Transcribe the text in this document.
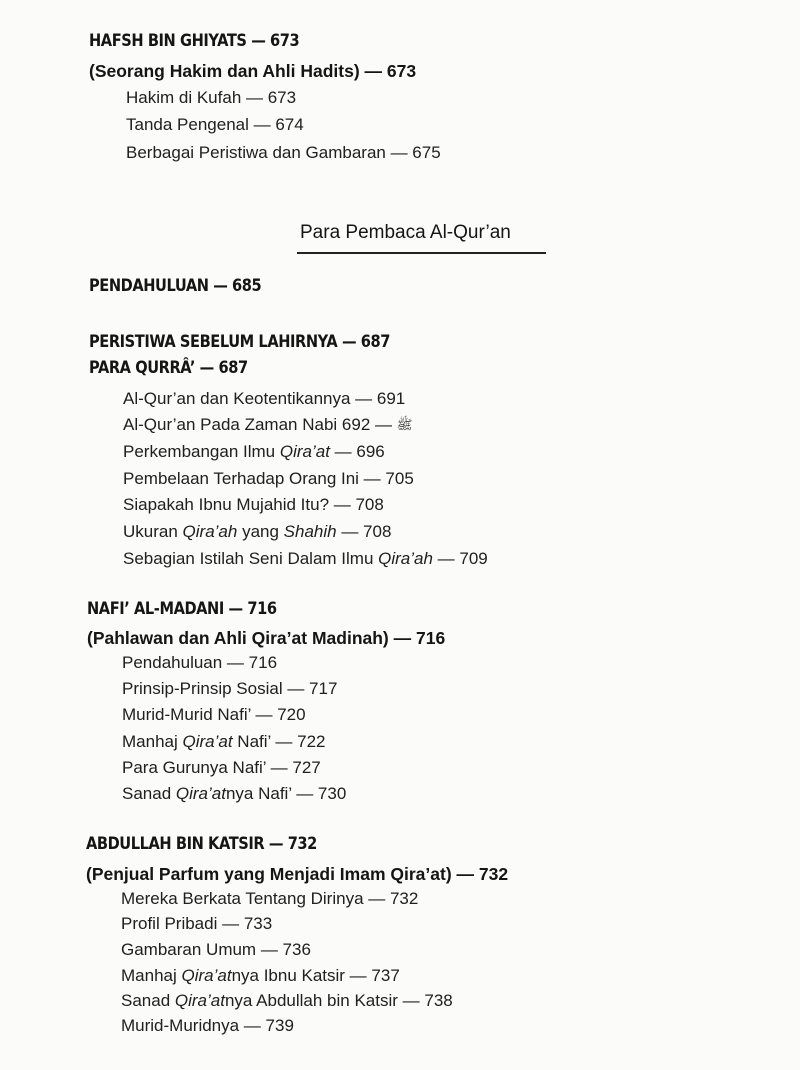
HAFSH BIN GHIYATS — 673
(Seorang Hakim dan Ahli Hadits) — 673
Hakim di Kufah — 673
Tanda Pengenal — 674
Berbagai Peristiwa dan Gambaran — 675
Para Pembaca Al-Qur’an
PENDAHULUAN — 685
PERISTIWA SEBELUM LAHIRNYA — 687
PARA QURRÂ’ — 687
Al-Qur’an dan Keotentikannya — 691
Al-Qur’an Pada Zaman Nabi	ﷺ — 692
Perkembangan Ilmu Qira’at — 696
Pembelaan Terhadap Orang Ini — 705
Siapakah Ibnu Mujahid Itu? — 708
Ukuran Qira’ah yang Shahih — 708
Sebagian Istilah Seni Dalam Ilmu Qira’ah — 709
NAFI’ AL-MADANI — 716
(Pahlawan dan Ahli Qira’at Madinah) — 716
Pendahuluan — 716
Prinsip-Prinsip Sosial — 717
Murid-Murid Nafi’ — 720
Manhaj Qira’at Nafi’ — 722
Para Gurunya Nafi’ — 727
Sanad Qira’atnya Nafi’ — 730
ABDULLAH BIN KATSIR — 732
(Penjual Parfum yang Menjadi Imam Qira’at) — 732
Mereka Berkata Tentang Dirinya — 732
Profil Pribadi — 733
Gambaran Umum — 736
Manhaj Qira’atnya Ibnu Katsir — 737
Sanad Qira’atnya Abdullah bin Katsir — 738
Murid-Muridnya — 739
